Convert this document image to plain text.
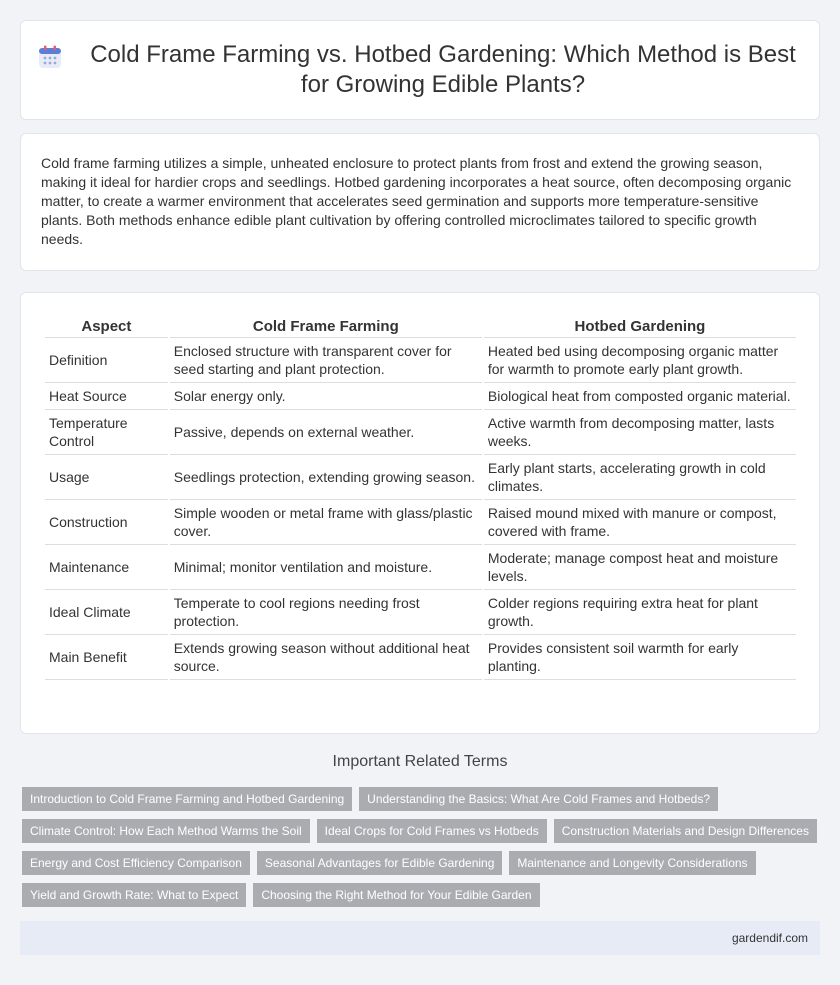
Cold Frame Farming vs. Hotbed Gardening: Which Method is Best for Growing Edible Plants?

Cold frame farming utilizes a simple, unheated enclosure to protect plants from frost and extend the growing season, making it ideal for hardier crops and seedlings. Hotbed gardening incorporates a heat source, often decomposing organic matter, to create a warmer environment that accelerates seed germination and supports more temperature-sensitive plants. Both methods enhance edible plant cultivation by offering controlled microclimates tailored to specific growth needs.

Aspect	Cold Frame Farming	Hotbed Gardening
Definition	Enclosed structure with transparent cover for seed starting and plant protection.	Heated bed using decomposing organic matter for warmth to promote early plant growth.
Heat Source	Solar energy only.	Biological heat from composted organic material.
Temperature Control	Passive, depends on external weather.	Active warmth from decomposing matter, lasts weeks.
Usage	Seedlings protection, extending growing season.	Early plant starts, accelerating growth in cold climates.
Construction	Simple wooden or metal frame with glass/plastic cover.	Raised mound mixed with manure or compost, covered with frame.
Maintenance	Minimal; monitor ventilation and moisture.	Moderate; manage compost heat and moisture levels.
Ideal Climate	Temperate to cool regions needing frost protection.	Colder regions requiring extra heat for plant growth.
Main Benefit	Extends growing season without additional heat source.	Provides consistent soil warmth for early planting.
Important Related Terms
Introduction to Cold Frame Farming and Hotbed Gardening	Understanding the Basics: What Are Cold Frames and Hotbeds?
Climate Control: How Each Method Warms the Soil	Ideal Crops for Cold Frames vs Hotbeds	Construction Materials and Design Differences
Energy and Cost Efficiency Comparison	Seasonal Advantages for Edible Gardening	Maintenance and Longevity Considerations
Yield and Growth Rate: What to Expect	Choosing the Right Method for Your Edible Garden
gardendif.com
